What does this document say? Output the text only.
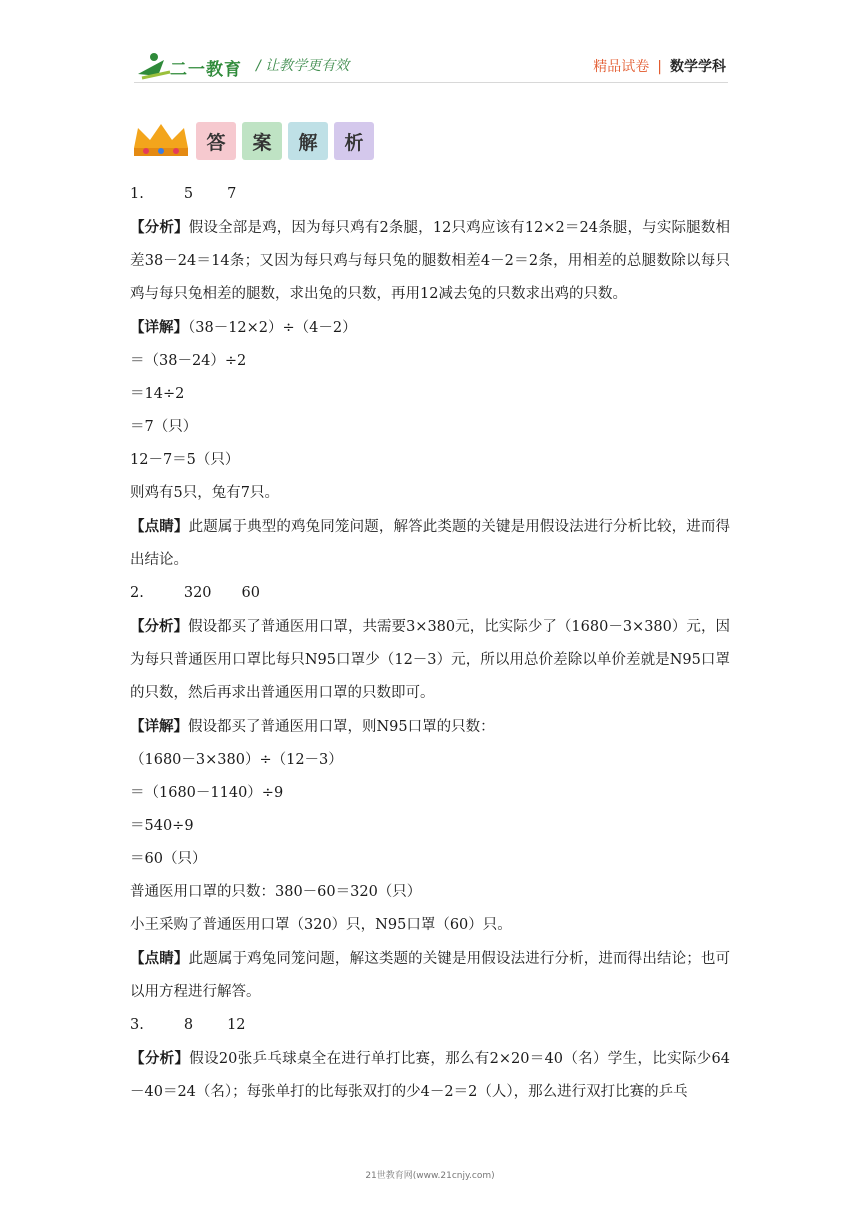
二一教育 / 让教学更有效	精品试卷 | 数学学科
答	案	解	析
1.	5 7
【分析】假设全部是鸡，因为每只鸡有2条腿，12只鸡应该有12×2＝24条腿，与实际腿数相差38－24＝14条；又因为每只鸡与每只兔的腿数相差4－2＝2条，用相差的总腿数除以每只鸡与每只兔相差的腿数，求出兔的只数，再用12减去兔的只数求出鸡的只数。
【详解】（38－12×2）÷（4－2）
＝（38－24）÷2
＝14÷2
＝7（只）
12－7＝5（只）
则鸡有5只，兔有7只。
【点睛】此题属于典型的鸡兔同笼问题，解答此类题的关键是用假设法进行分析比较，进而得出结论。
2.	320 60
【分析】假设都买了普通医用口罩，共需要3×380元，比实际少了（1680－3×380）元，因为每只普通医用口罩比每只N95口罩少（12－3）元，所以用总价差除以单价差就是N95口罩的只数，然后再求出普通医用口罩的只数即可。
【详解】假设都买了普通医用口罩，则N95口罩的只数：
（1680－3×380）÷（12－3）
＝（1680－1140）÷9
＝540÷9
＝60（只）
普通医用口罩的只数：380－60＝320（只）
小王采购了普通医用口罩（320）只，N95口罩（60）只。
【点睛】此题属于鸡兔同笼问题，解这类题的关键是用假设法进行分析，进而得出结论；也可以用方程进行解答。
3.	8 12
【分析】假设20张乒乓球桌全在进行单打比赛，那么有2×20＝40（名）学生，比实际少64－40＝24（名）；每张单打的比每张双打的少4－2＝2（人），那么进行双打比赛的乒乓
21世教育网(www.21cnjy.com)
